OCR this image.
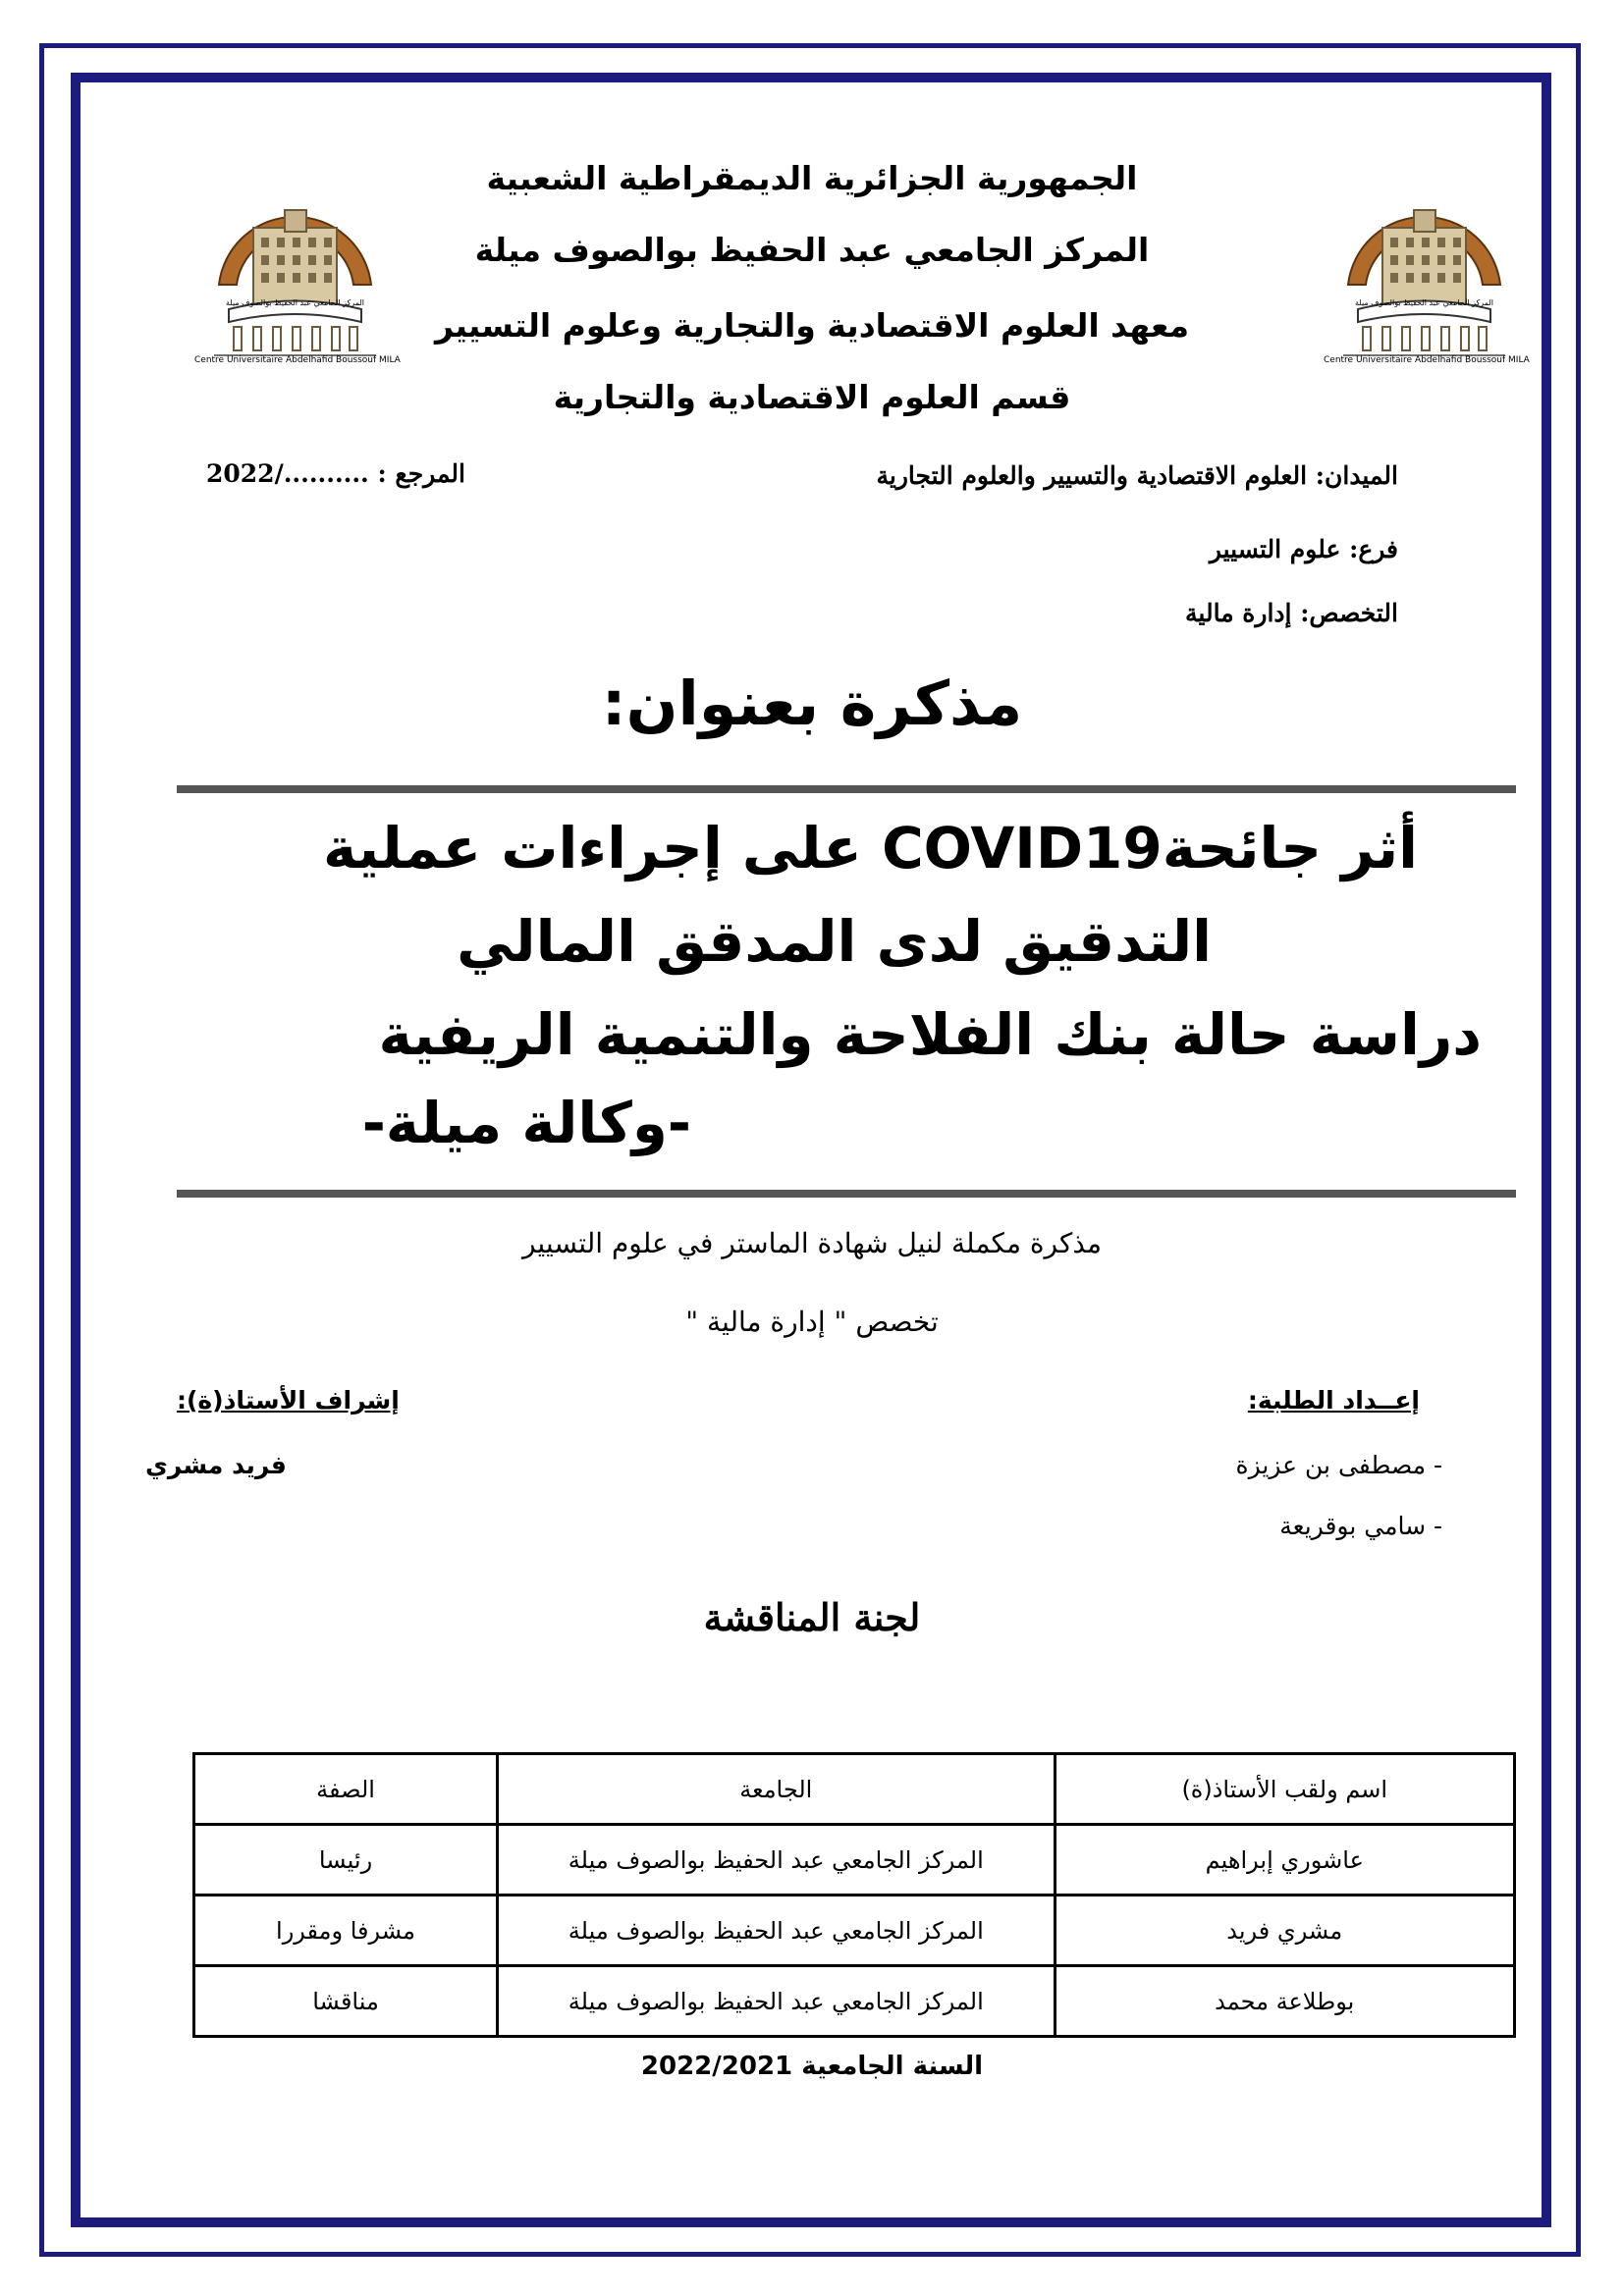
المركز الجامعي عبد الحفيظ بوالصوف ميلة
Centre Universitaire Abdelhafid Boussouf MILA
المركز الجامعي عبد الحفيظ بوالصوف ميلة
Centre Universitaire Abdelhafid Boussouf MILA
الجمهورية الجزائرية الديمقراطية الشعبية
المركز الجامعي عبد الحفيظ بوالصوف ميلة
معهد العلوم الاقتصادية والتجارية وعلوم التسيير
قسم العلوم الاقتصادية والتجارية
الميدان: العلوم الاقتصادية والتسيير والعلوم التجارية
المرجع : ........../2022
فرع: علوم التسيير
التخصص: إدارة مالية
مذكرة بعنوان:
أثر جائحةCOVID19 على إجراءات عملية
التدقيق لدى المدقق المالي
دراسة حالة بنك الفلاحة والتنمية الريفية
-وكالة ميلة-
مذكرة مكملة لنيل شهادة الماستر في علوم التسيير
تخصص " إدارة مالية "
إعــداد الطلبة:
- مصطفى بن عزيزة
- سامي بوقريعة
إشراف الأستاذ(ة):
فريد مشري
لجنة المناقشة
اسم ولقب الأستاذ(ة)	الجامعة	الصفة
عاشوري إبراهيم	المركز الجامعي عبد الحفيظ بوالصوف ميلة	رئيسا
مشري فريد	المركز الجامعي عبد الحفيظ بوالصوف ميلة	مشرفا ومقررا
بوطلاعة محمد	المركز الجامعي عبد الحفيظ بوالصوف ميلة	مناقشا
السنة الجامعية 2022/2021
